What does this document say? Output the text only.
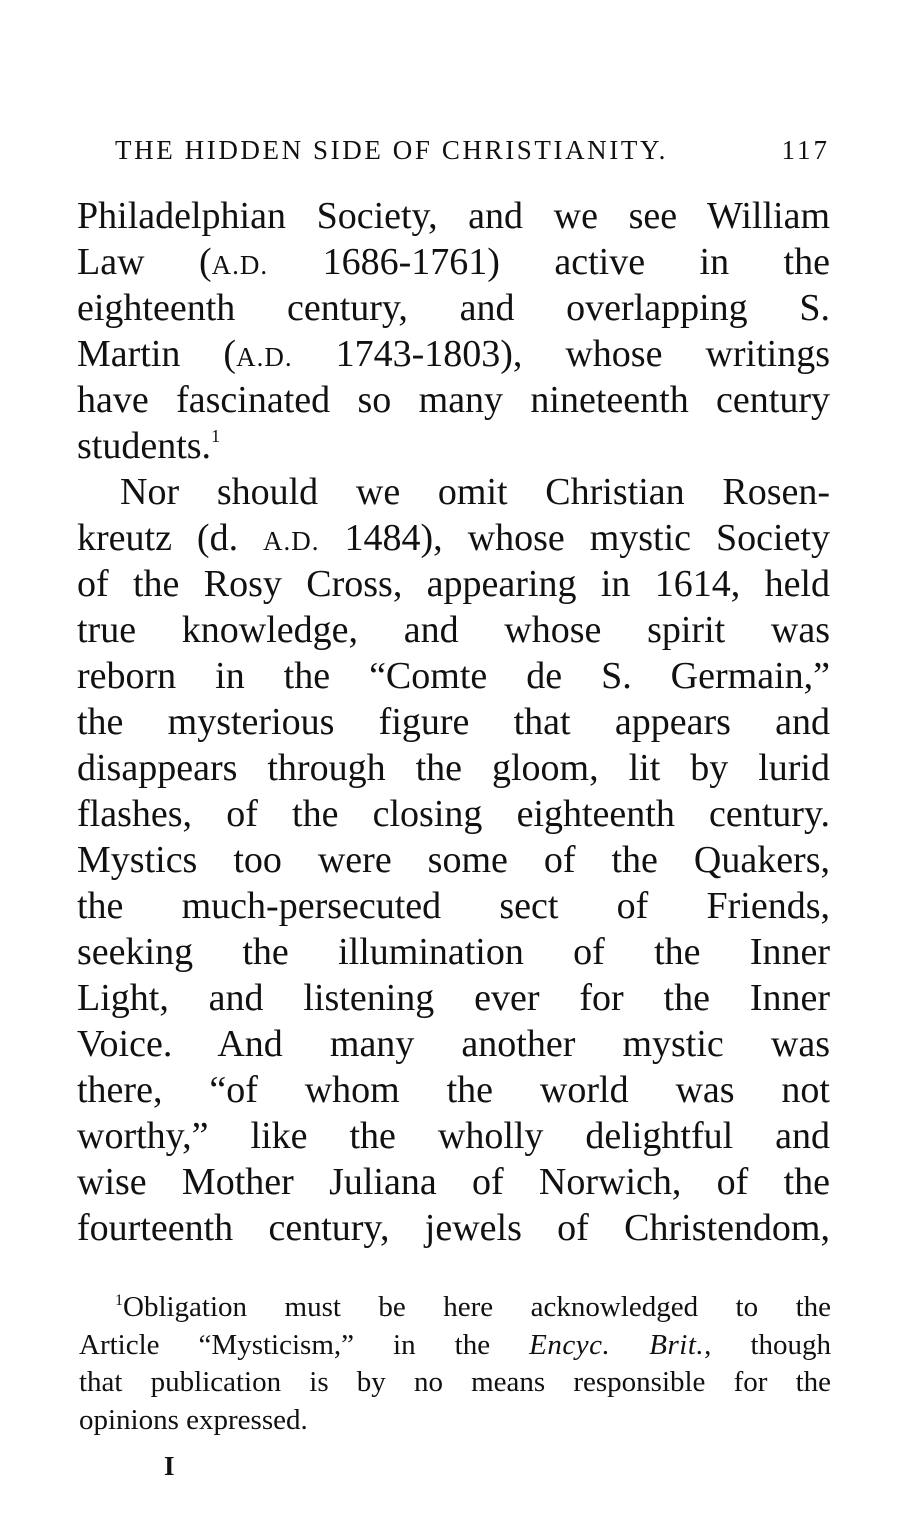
THE HIDDEN SIDE OF CHRISTIANITY.	117
Philadelphian Society, and we see William
Law (A.D. 1686-1761) active in the
eighteenth century, and overlapping S.
Martin (A.D. 1743-1803), whose writings
have fascinated so many nineteenth century
students.$^1$
Nor should we omit Christian Rosen-
kreutz (d. A.D. 1484), whose mystic Society
of the Rosy Cross, appearing in 1614, held
true knowledge, and whose spirit was
reborn in the “Comte de S. Germain,”
the mysterious figure that appears and
disappears through the gloom, lit by lurid
flashes, of the closing eighteenth century.
Mystics too were some of the Quakers,
the much-persecuted sect of Friends,
seeking the illumination of the Inner
Light, and listening ever for the Inner
Voice. And many another mystic was
there, “of whom the world was not
worthy,” like the wholly delightful and
wise Mother Juliana of Norwich, of the
fourteenth century, jewels of Christendom,
$^1$Obligation must be here acknowledged to the
Article “Mysticism,” in the Encyc. Brit., though
that publication is by no means responsible for the
opinions expressed.
I
